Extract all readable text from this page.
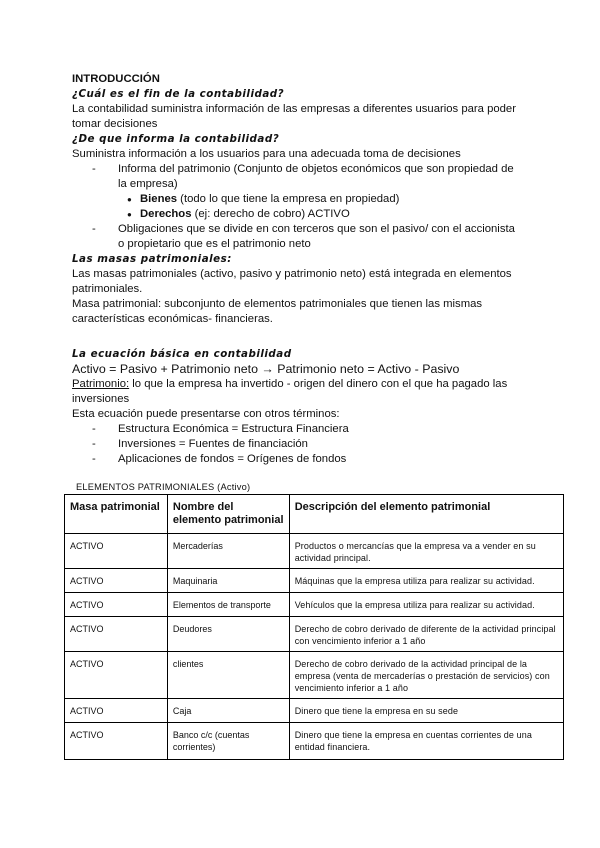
INTRODUCCIÓN
¿Cuál es el fin de la contabilidad?
La contabilidad suministra información de las empresas a diferentes usuarios para poder tomar decisiones
¿De que informa la contabilidad?
Suministra información a los usuarios para una adecuada toma de decisiones
- Informa del patrimonio (Conjunto de objetos económicos que son propiedad de la empresa)
● Bienes (todo lo que tiene la empresa en propiedad)
● Derechos (ej: derecho de cobro) ACTIVO
- Obligaciones que se divide en con terceros que son el pasivo/ con el accionista o propietario que es el patrimonio neto
Las masas patrimoniales:
Las masas patrimoniales (activo, pasivo y patrimonio neto) está integrada en elementos patrimoniales.
Masa patrimonial: subconjunto de elementos patrimoniales que tienen las mismas características económicas- financieras.
La ecuación básica en contabilidad
Activo = Pasivo + Patrimonio neto → Patrimonio neto = Activo - Pasivo
Patrimonio: lo que la empresa ha invertido - origen del dinero con el que ha pagado las inversiones
Esta ecuación puede presentarse con otros términos:
- Estructura Económica = Estructura Financiera
- Inversiones = Fuentes de financiación
- Aplicaciones de fondos = Orígenes de fondos
ELEMENTOS PATRIMONIALES (Activo)
Masa patrimonial	Nombre del elemento patrimonial	Descripción del elemento patrimonial
ACTIVO	Mercaderías	Productos o mercancías que la empresa va a vender en su actividad principal.
ACTIVO	Maquinaria	Máquinas que la empresa utiliza para realizar su actividad.
ACTIVO	Elementos de transporte	Vehículos que la empresa utiliza para realizar su actividad.
ACTIVO	Deudores	Derecho de cobro derivado de diferente de la actividad principal con vencimiento inferior a 1 año
ACTIVO	clientes	Derecho de cobro derivado de la actividad principal de la empresa (venta de mercaderías o prestación de servicios) con vencimiento inferior a 1 año
ACTIVO	Caja	Dinero que tiene la empresa en su sede
ACTIVO	Banco c/c (cuentas corrientes)	Dinero que tiene la empresa en cuentas corrientes de una entidad financiera.
